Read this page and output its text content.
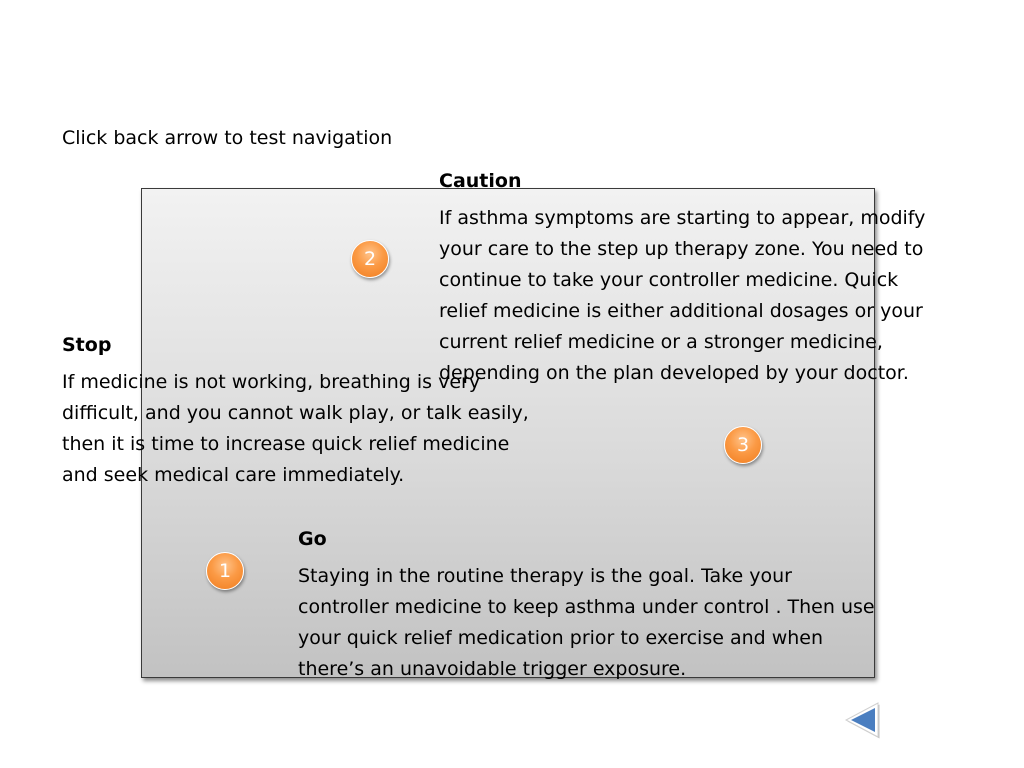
Click back arrow to test navigation
Caution
If asthma symptoms are starting to appear, modify
your care to the step up therapy zone. You need to
continue to take your controller medicine. Quick
relief medicine is either additional dosages or your
current relief medicine or a stronger medicine,
depending on the plan developed by your doctor.
Stop
If medicine is not working, breathing is very
difficult, and you cannot walk play, or talk easily,
then it is time to increase quick relief medicine
and seek medical care immediately.
Go
Staying in the routine therapy is the goal. Take your
controller medicine to keep asthma under control . Then use
your quick relief medication prior to exercise and when
there’s an unavoidable trigger exposure.
2
3
1
